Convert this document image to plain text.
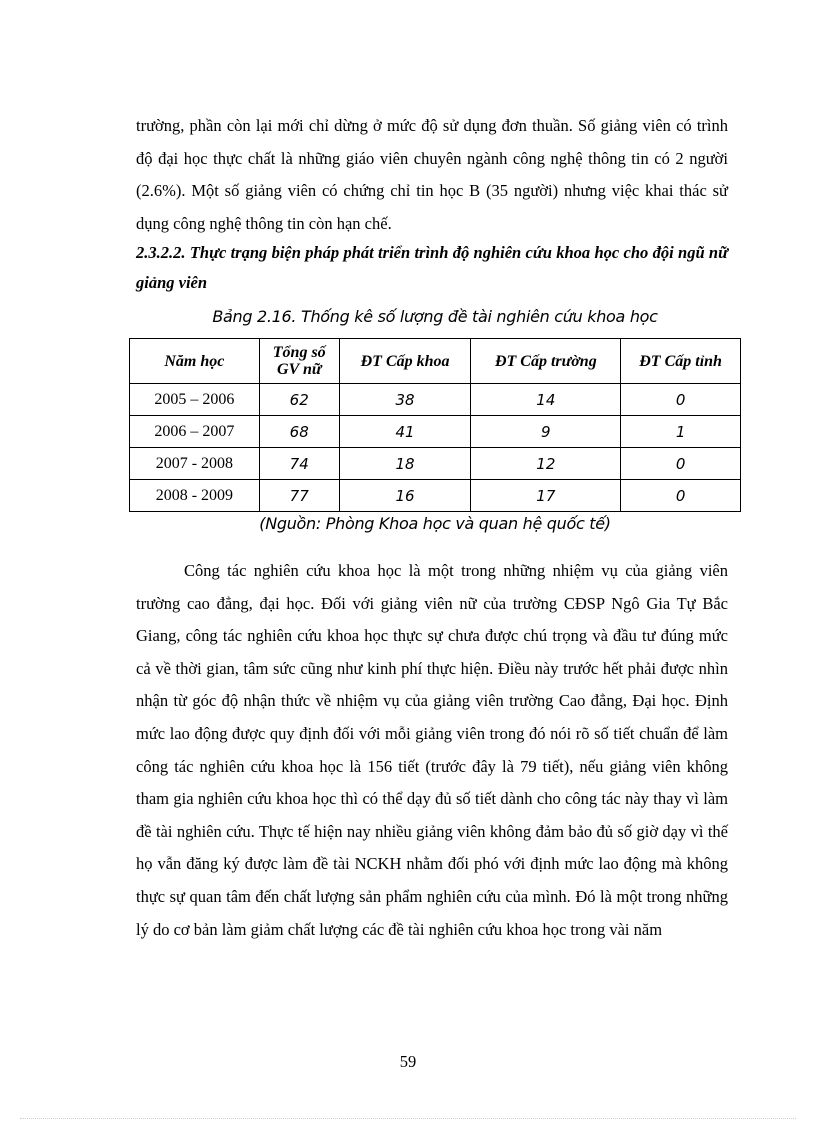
trường, phần còn lại mới chỉ dừng ở mức độ sử dụng đơn thuần. Số giảng viên có trình độ đại học thực chất là những giáo viên chuyên ngành công nghệ thông tin có 2 người (2.6%). Một số giảng viên có chứng chỉ tin học B (35 người) nhưng việc khai thác sử dụng công nghệ thông tin còn hạn chế.

2.3.2.2. Thực trạng biện pháp phát triển trình độ nghiên cứu khoa học cho đội ngũ nữ giảng viên

Bảng 2.16. Thống kê số lượng đề tài nghiên cứu khoa học

Năm học	Tổng số GV nữ	ĐT Cấp khoa	ĐT Cấp trường	ĐT Cấp tỉnh
2005 – 2006	62	38	14	0
2006 – 2007	68	41	9	1
2007 - 2008	74	18	12	0
2008 - 2009	77	16	17	0

(Nguồn: Phòng Khoa học và quan hệ quốc tế)

Công tác nghiên cứu khoa học là một trong những nhiệm vụ của giảng viên trường cao đẳng, đại học. Đối với giảng viên nữ của trường CĐSP Ngô Gia Tự Bắc Giang, công tác nghiên cứu khoa học thực sự chưa được chú trọng và đầu tư đúng mức cả về thời gian, tâm sức cũng như kinh phí thực hiện. Điều này trước hết phải được nhìn nhận từ góc độ nhận thức về nhiệm vụ của giảng viên trường Cao đẳng, Đại học. Định mức lao động được quy định đối với mỗi giảng viên trong đó nói rõ số tiết chuẩn để làm công tác nghiên cứu khoa học là 156 tiết (trước đây là 79 tiết), nếu giảng viên không tham gia nghiên cứu khoa học thì có thể dạy đủ số tiết dành cho công tác này thay vì làm đề tài nghiên cứu. Thực tế hiện nay nhiều giảng viên không đảm bảo đủ số giờ dạy vì thế họ vẫn đăng ký được làm đề tài NCKH nhằm đối phó với định mức lao động mà không thực sự quan tâm đến chất lượng sản phẩm nghiên cứu của mình. Đó là một trong những lý do cơ bản làm giảm chất lượng các đề tài nghiên cứu khoa học trong vài năm

59
